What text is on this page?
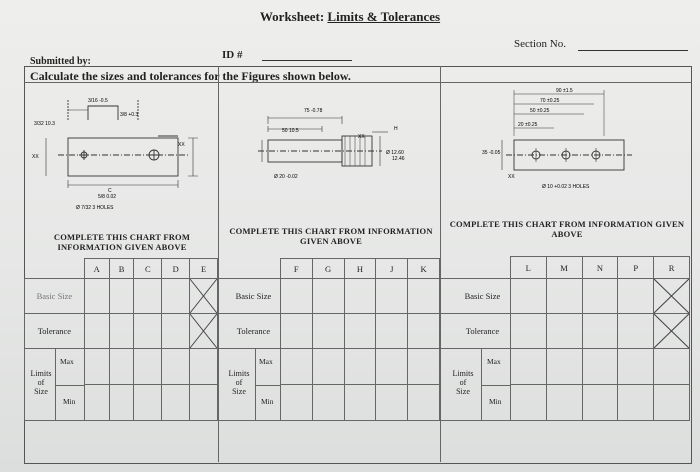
Worksheet: Limits & Tolerances
Section No.
ID #
Submitted by:
Calculate the sizes and tolerances for the Figures shown below.
3/16 -0.5
3/8 +0.3
3/32 10.3
C
5/8 0.02
Ø 7/32 3 HOLES
XX
XX
75 -0.78
50 10.5	H
Ø 12.60
12.46
Ø 20 -0.02
XX
90 ±1.5
70 ±0.25
50 ±0.25
20 ±0.25
35 -0.05
Ø 10 +0.02 3 HOLES
XX
COMPLETE THIS CHART FROM INFORMATION GIVEN ABOVE
COMPLETE THIS CHART FROM INFORMATION GIVEN ABOVE
COMPLETE THIS CHART FROM INFORMATION GIVEN ABOVE
	A	B	C	D	E
Basic Size					

Tolerance					

Limits
of
Size
Max
Min					

	F	G	H	J	K
Basic Size					
Tolerance					

Limits
of
Size
Max
Min					

	L	M	N	P	R
Basic Size					

Tolerance					

Limits
of
Size
Max
Min					
